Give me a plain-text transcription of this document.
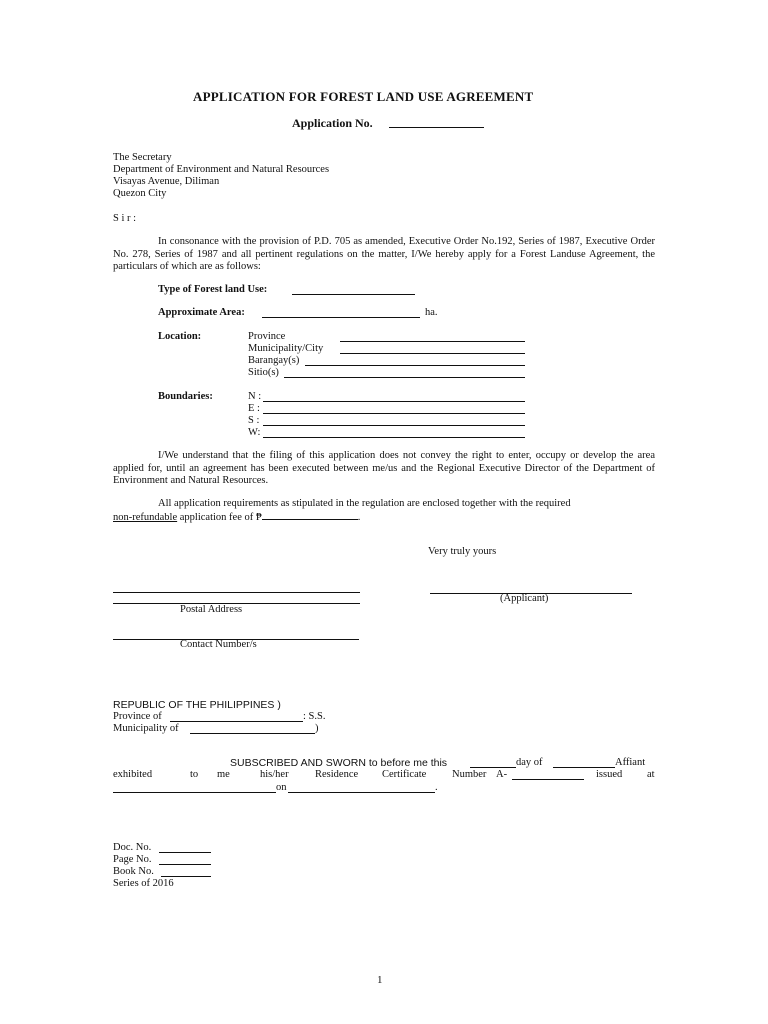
APPLICATION FOR FOREST LAND USE AGREEMENT
Application No.
The Secretary
Department of Environment and Natural Resources
Visayas Avenue, Diliman
Quezon City
S i r :
In consonance with the provision of P.D. 705 as amended, Executive Order No.192, Series of 1987, Executive Order No. 278, Series of 1987 and all pertinent regulations on the matter, I/We hereby apply for a Forest Landuse Agreement, the particulars of which are as follows:
Type of Forest land Use:
Approximate Area:	ha.
Location:	Province
Municipality/City
Barangay(s)
Sitio(s)
Boundaries:	N :
E :
S :
W:
I/We understand that the filing of this application does not convey the right to enter, occupy or develop the area applied for, until an agreement has been executed between me/us and the Regional Executive Director of the Department of Environment and Natural Resources.
All application requirements as stipulated in the regulation are enclosed together with the required
non-refundable application fee of ₱	.
Very truly yours
Postal Address
(Applicant)
Contact Number/s
REPUBLIC OF THE PHILIPPINES )
Province of	: S.S.
Municipality of	)
SUBSCRIBED AND SWORN to before me this	day of	Affiant
exhibited	to me	his/her	Residence Certificate Number A-	issued at
on	.
Doc. No.
Page No.
Book No.
Series of 2016
1
